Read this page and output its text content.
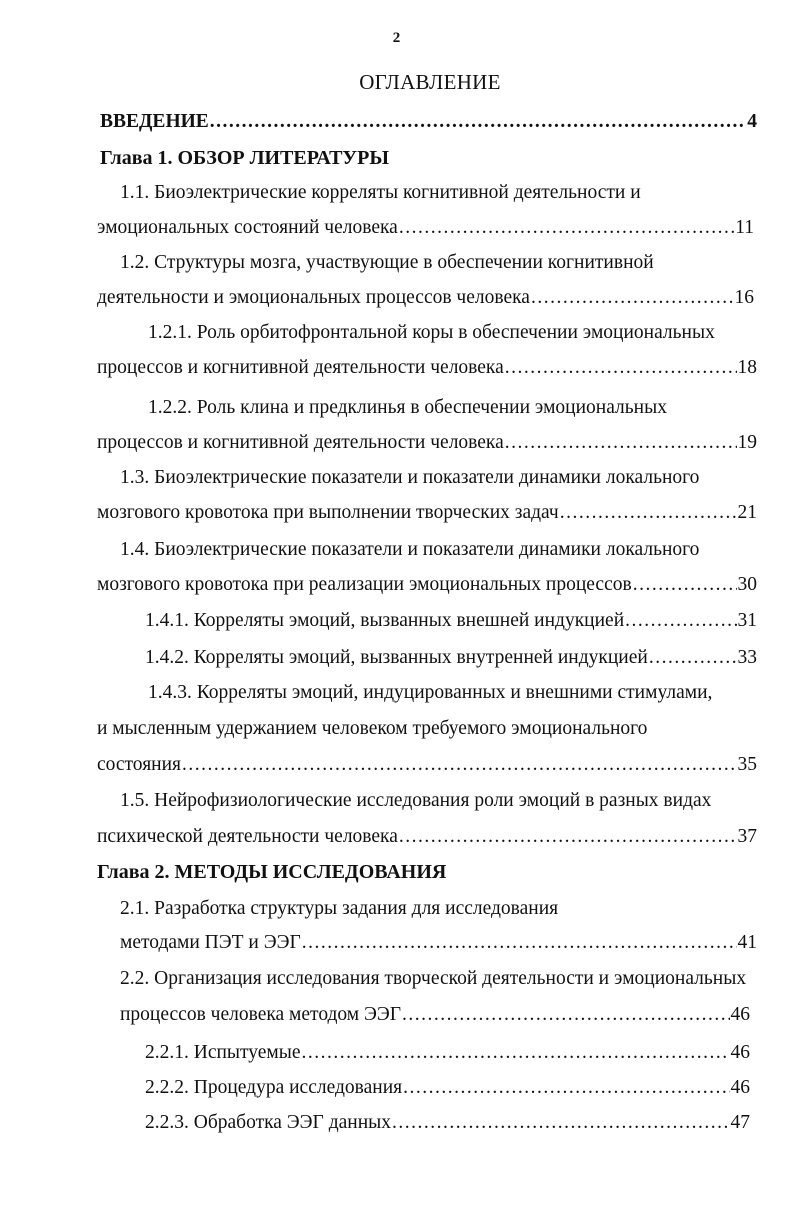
2
ОГЛАВЛЕНИЕ
ВВЕДЕНИЕ .....	4
Глава 1. ОБЗОР ЛИТЕРАТУРЫ
1.1. Биоэлектрические корреляты когнитивной деятельности и
эмоциональных состояний человека .....	11
1.2. Структуры мозга, участвующие в обеспечении когнитивной
деятельности и эмоциональных процессов человека .....	16
1.2.1. Роль орбитофронтальной коры в обеспечении эмоциональных
процессов и когнитивной деятельности человека .....	18
1.2.2. Роль клина и предклинья в обеспечении эмоциональных
процессов и когнитивной деятельности человека .....	19
1.3. Биоэлектрические показатели и показатели динамики локального
мозгового кровотока при выполнении творческих задач .....	21
1.4. Биоэлектрические показатели и показатели динамики локального
мозгового кровотока при реализации эмоциональных процессов .....	30
1.4.1. Корреляты эмоций, вызванных внешней индукцией .....	31
1.4.2. Корреляты эмоций, вызванных внутренней индукцией .....	33
1.4.3. Корреляты эмоций, индуцированных и внешними стимулами,
и мысленным удержанием человеком требуемого эмоционального
состояния .....	35
1.5. Нейрофизиологические исследования роли эмоций в разных видах
психической деятельности человека .....	37
Глава 2. МЕТОДЫ ИССЛЕДОВАНИЯ
2.1. Разработка структуры задания для исследования
методами ПЭТ и ЭЭГ .....	41
2.2. Организация исследования творческой деятельности и эмоциональных
процессов человека методом ЭЭГ .....	46
2.2.1. Испытуемые .....	46
2.2.2. Процедура исследования .....	46
2.2.3. Обработка ЭЭГ данных .....	47
